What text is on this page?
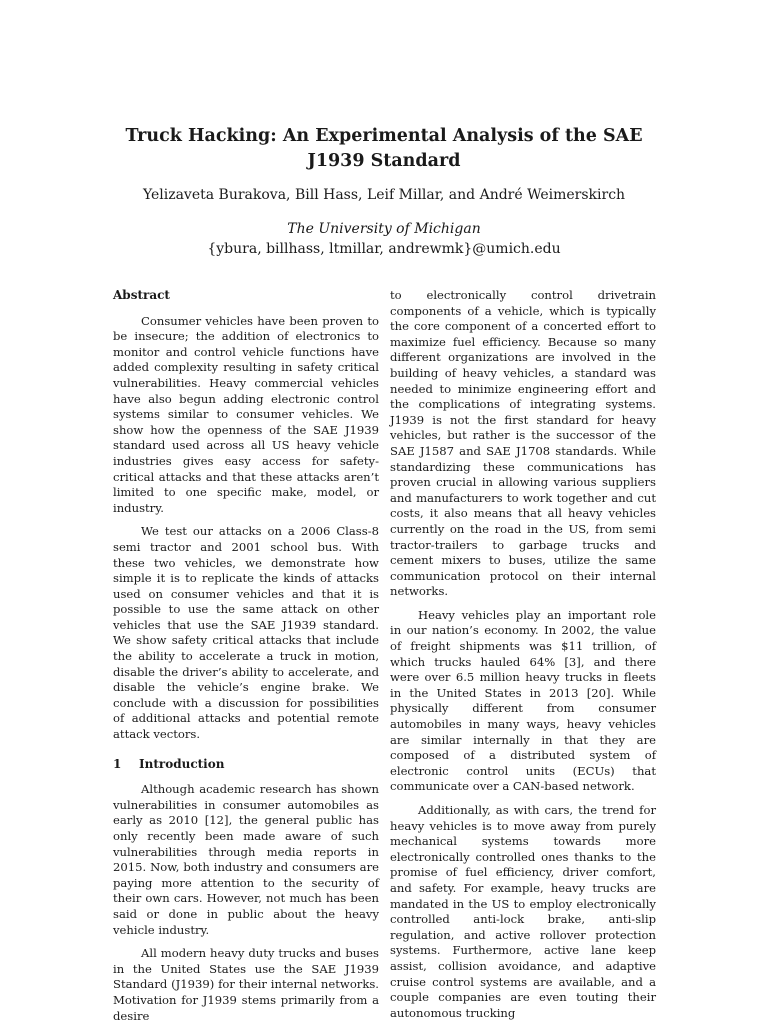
Truck Hacking: An Experimental Analysis of the SAE J1939 Standard
Yelizaveta Burakova, Bill Hass, Leif Millar, and André Weimerskirch
The University of Michigan
{ybura, billhass, ltmillar, andrewmk}@umich.edu
Abstract

Consumer vehicles have been proven to be insecure; the addition of electronics to monitor and control vehicle functions have added complexity resulting in safety critical vulnerabilities. Heavy commercial vehicles have also begun adding electronic control systems similar to consumer vehicles. We show how the openness of the SAE J1939 standard used across all US heavy vehicle industries gives easy access for safety-critical attacks and that these attacks aren’t limited to one specific make, model, or industry.

We test our attacks on a 2006 Class-8 semi tractor and 2001 school bus. With these two vehicles, we demonstrate how simple it is to replicate the kinds of attacks used on consumer vehicles and that it is possible to use the same attack on other vehicles that use the SAE J1939 standard. We show safety critical attacks that include the ability to accelerate a truck in motion, disable the driver’s ability to accelerate, and disable the vehicle’s engine brake. We conclude with a discussion for possibilities of additional attacks and potential remote attack vectors.

1 Introduction

Although academic research has shown vulnerabilities in consumer automobiles as early as 2010 [12], the general public has only recently been made aware of such vulnerabilities through media reports in 2015. Now, both industry and consumers are paying more attention to the security of their own cars. However, not much has been said or done in public about the heavy vehicle industry.

All modern heavy duty trucks and buses in the United States use the SAE J1939 Standard (J1939) for their internal networks. Motivation for J1939 stems primarily from a desire

to electronically control drivetrain components of a vehicle, which is typically the core component of a concerted effort to maximize fuel efficiency. Because so many different organizations are involved in the building of heavy vehicles, a standard was needed to minimize engineering effort and the complications of integrating systems. J1939 is not the first standard for heavy vehicles, but rather is the successor of the SAE J1587 and SAE J1708 standards. While standardizing these communications has proven crucial in allowing various suppliers and manufacturers to work together and cut costs, it also means that all heavy vehicles currently on the road in the US, from semi tractor-trailers to garbage trucks and cement mixers to buses, utilize the same communication protocol on their internal networks.

Heavy vehicles play an important role in our nation’s economy. In 2002, the value of freight shipments was $11 trillion, of which trucks hauled 64% [3], and there were over 6.5 million heavy trucks in fleets in the United States in 2013 [20]. While physically different from consumer automobiles in many ways, heavy vehicles are similar internally in that they are composed of a distributed system of electronic control units (ECUs) that communicate over a CAN-based network.

Additionally, as with cars, the trend for heavy vehicles is to move away from purely mechanical systems towards more electronically controlled ones thanks to the promise of fuel efficiency, driver comfort, and safety. For example, heavy trucks are mandated in the US to employ electronically controlled anti-lock brake, anti-slip regulation, and active rollover protection systems. Furthermore, active lane keep assist, collision avoidance, and adaptive cruise control systems are available, and a couple companies are even touting their autonomous trucking
